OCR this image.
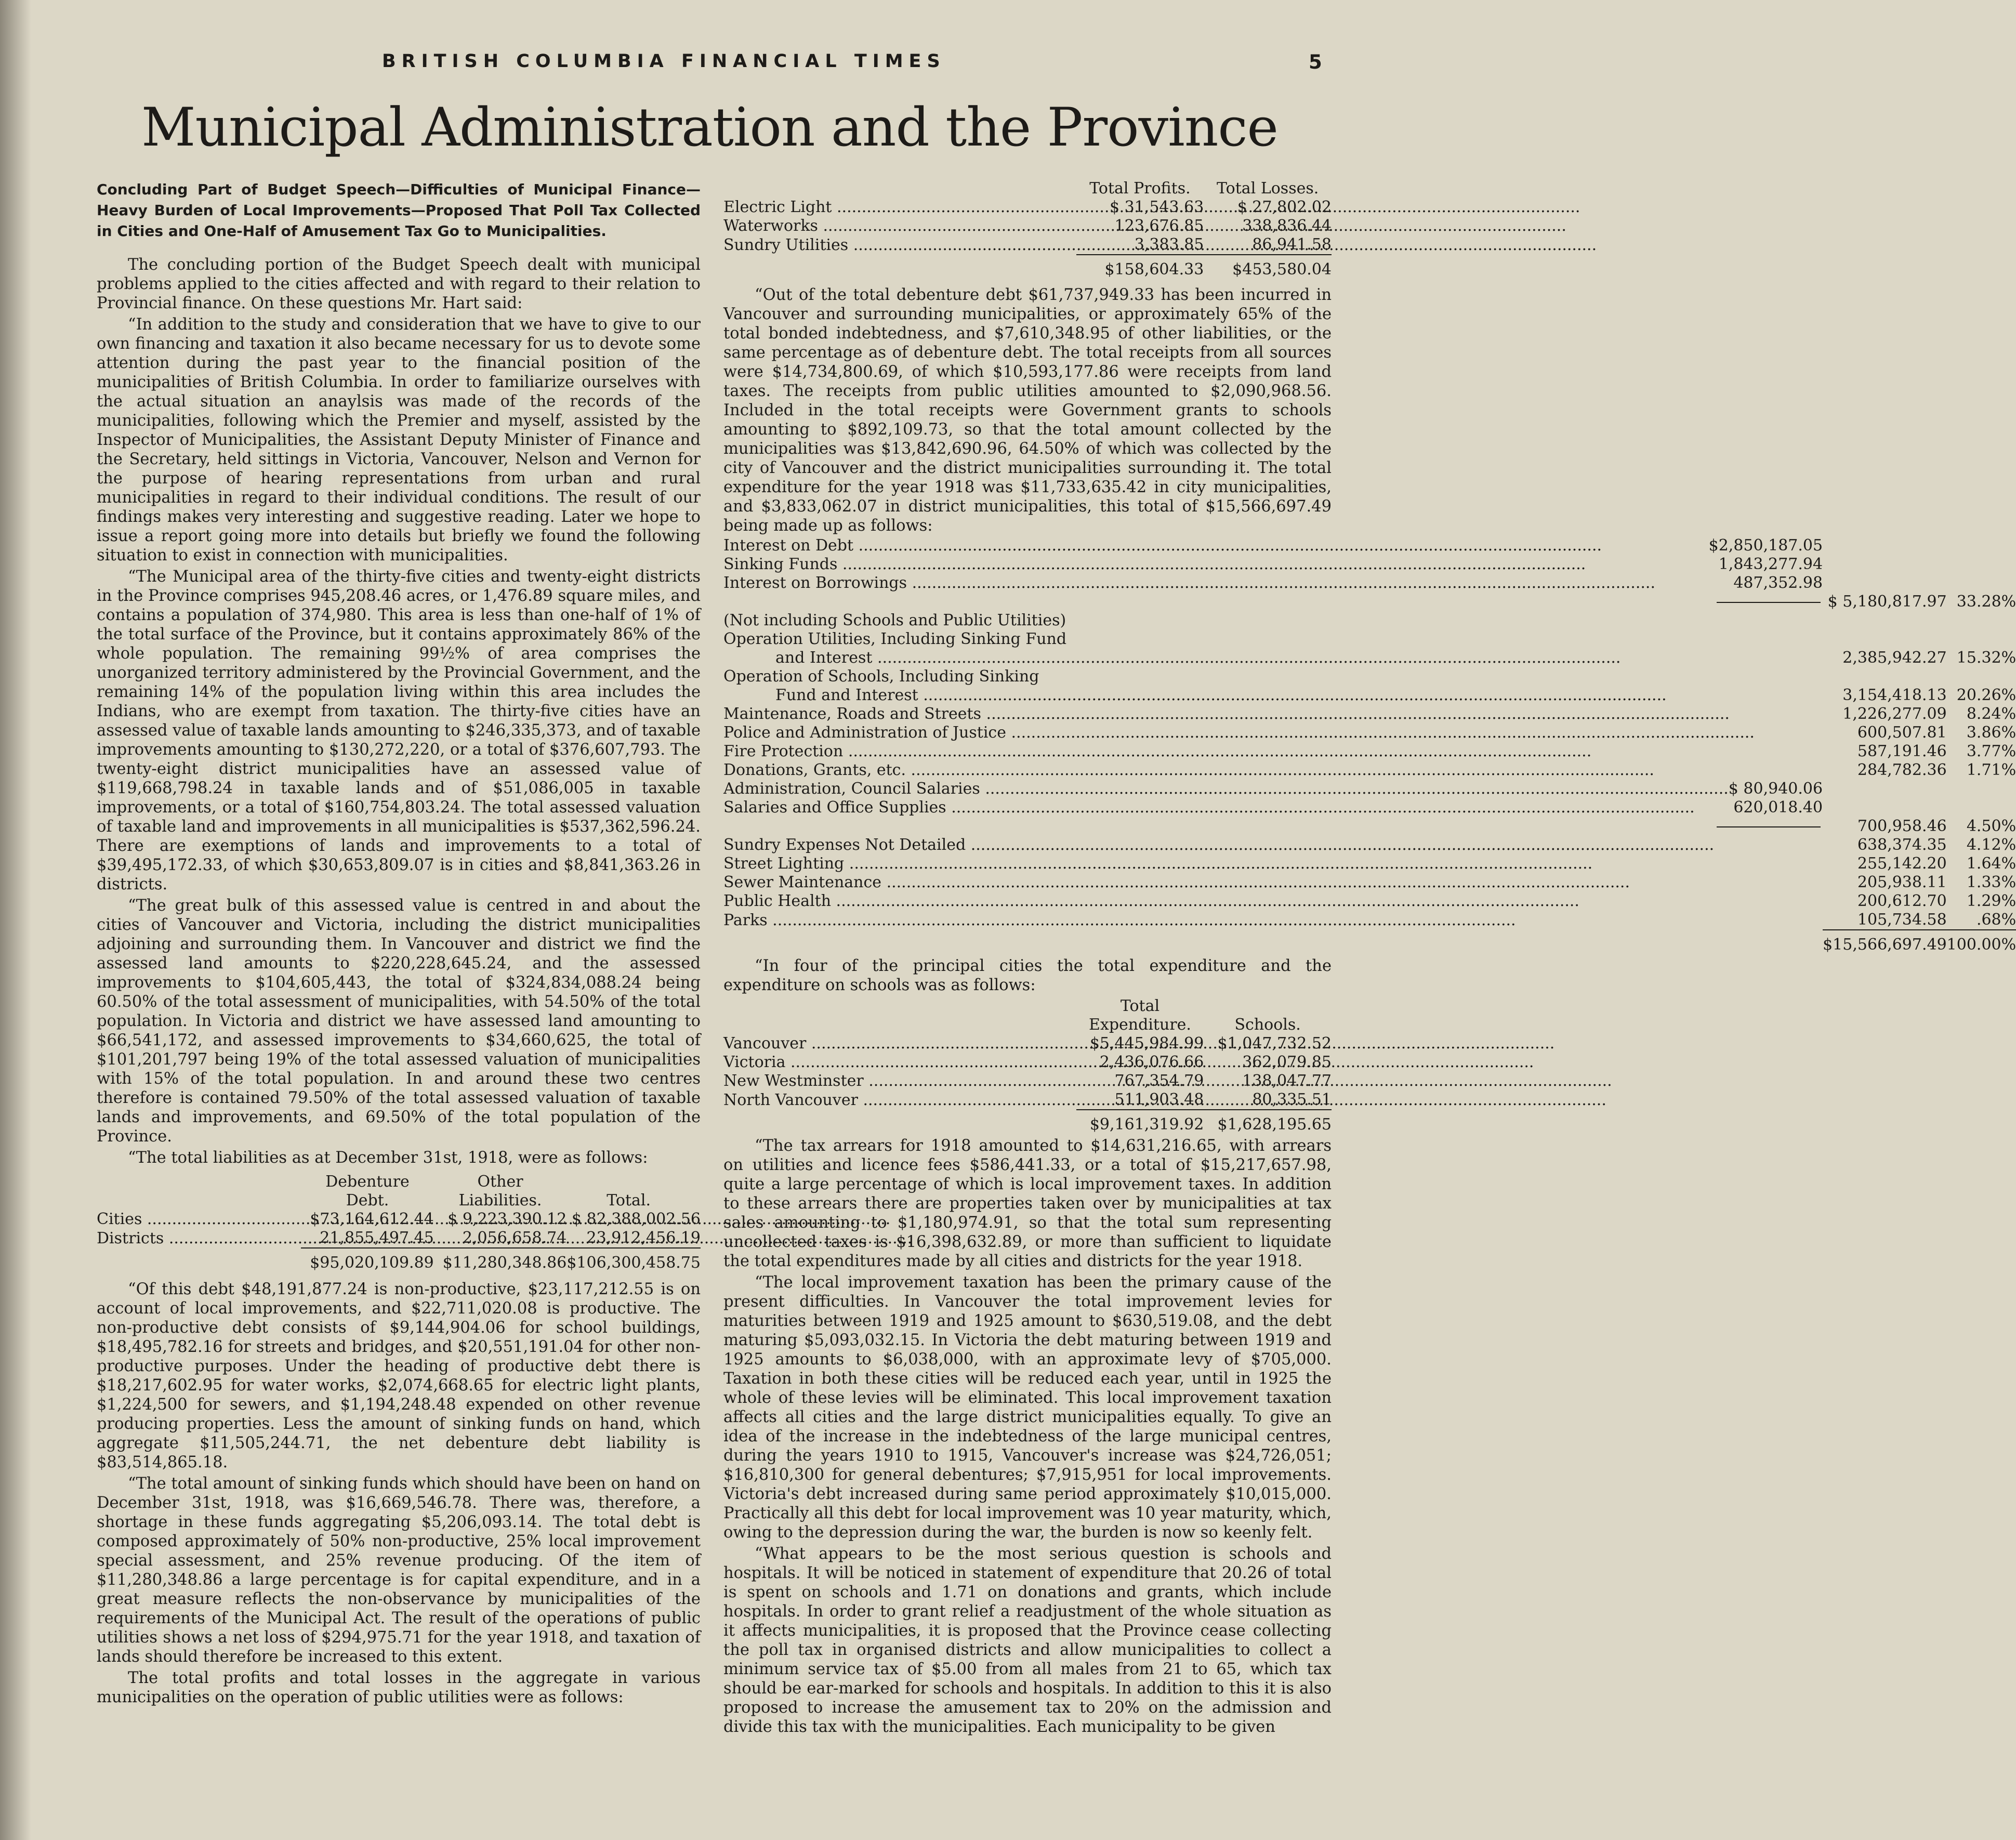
BRITISH COLUMBIA FINANCIAL TIMES	5
Municipal Administration and the Province
Concluding Part of Budget Speech—Difficulties of Municipal Finance—Heavy Burden of Local Improvements—Proposed That Poll Tax Collected in Cities and One-Half of Amusement Tax Go to Municipalities.

The concluding portion of the Budget Speech dealt with municipal problems applied to the cities affected and with regard to their relation to Provincial finance. On these questions Mr. Hart said:

“In addition to the study and consideration that we have to give to our own financing and taxation it also became necessary for us to devote some attention during the past year to the financial position of the municipalities of British Columbia. In order to familiarize ourselves with the actual situation an anaylsis was made of the records of the municipalities, following which the Premier and myself, assisted by the Inspector of Municipalities, the Assistant Deputy Minister of Finance and the Secretary, held sittings in Victoria, Vancouver, Nelson and Vernon for the purpose of hearing representations from urban and rural municipalities in regard to their individual conditions. The result of our findings makes very interesting and suggestive reading. Later we hope to issue a report going more into details but briefly we found the following situation to exist in connection with municipalities.

“The Municipal area of the thirty-five cities and twenty-eight districts in the Province comprises 945,208.46 acres, or 1,476.89 square miles, and contains a population of 374,980. This area is less than one-half of 1% of the total surface of the Province, but it contains approximately 86% of the whole population. The remaining 99½% of area comprises the unorganized territory administered by the Provincial Government, and the remaining 14% of the population living within this area includes the Indians, who are exempt from taxation. The thirty-five cities have an assessed value of taxable lands amounting to $246,335,373, and of taxable improvements amounting to $130,272,220, or a total of $376,607,793. The twenty-eight district municipalities have an assessed value of $119,668,798.24 in taxable lands and of $51,086,005 in taxable improvements, or a total of $160,754,803.24. The total assessed valuation of taxable land and improvements in all municipalities is $537,362,596.24. There are exemptions of lands and improvements to a total of $39,495,172.33, of which $30,653,809.07 is in cities and $8,841,363.26 in districts.

“The great bulk of this assessed value is centred in and about the cities of Vancouver and Victoria, including the district municipalities adjoining and surrounding them. In Vancouver and district we find the assessed land amounts to $220,228,645.24, and the assessed improvements to $104,605,443, the total of $324,834,088.24 being 60.50% of the total assessment of municipalities, with 54.50% of the total population. In Victoria and district we have assessed land amounting to $66,541,172, and assessed improvements to $34,660,625, the total of $101,201,797 being 19% of the total assessed valuation of municipalities with 15% of the total population. In and around these two centres therefore is contained 79.50% of the total assessed valuation of taxable lands and improvements, and 69.50% of the total population of the Province.

“The total liabilities as at December 31st, 1918, were as follows:

	Debenture
Debt.	Other
Liabilities.	Total.
Cities .....	$73,164,612.44	$ 9,223,390.12	$ 82,388,002.56
Districts .....	21,855,497.45	2,056,658.74	23,912,456.19
	$95,020,109.89	$11,280,348.86	$106,300,458.75

“Of this debt $48,191,877.24 is non-productive, $23,117,212.55 is on account of local improvements, and $22,711,020.08 is productive. The non-productive debt consists of $9,144,904.06 for school buildings, $18,495,782.16 for streets and bridges, and $20,551,191.04 for other non-productive purposes. Under the heading of productive debt there is $18,217,602.95 for water works, $2,074,668.65 for electric light plants, $1,224,500 for sewers, and $1,194,248.48 expended on other revenue producing properties. Less the amount of sinking funds on hand, which aggregate $11,505,244.71, the net debenture debt liability is $83,514,865.18.

“The total amount of sinking funds which should have been on hand on December 31st, 1918, was $16,669,546.78. There was, therefore, a shortage in these funds aggregating $5,206,093.14. The total debt is composed approximately of 50% non-productive, 25% local improvement special assessment, and 25% revenue producing. Of the item of $11,280,348.86 a large percentage is for capital expenditure, and in a great measure reflects the non-observance by municipalities of the requirements of the Municipal Act. The result of the operations of public utilities shows a net loss of $294,975.71 for the year 1918, and taxation of lands should therefore be increased to this extent.

The total profits and total losses in the aggregate in various municipalities on the operation of public utilities were as follows:

	Total Profits.	Total Losses.
Electric Light .....	$ 31,543.63	$ 27,802.02
Waterworks .....	123,676.85	338,836.44
Sundry Utilities .....	3,383.85	86,941.58
	$158,604.33	$453,580.04

“Out of the total debenture debt $61,737,949.33 has been incurred in Vancouver and surrounding municipalities, or approximately 65% of the total bonded indebtedness, and $7,610,348.95 of other liabilities, or the same percentage as of debenture debt. The total receipts from all sources were $14,734,800.69, of which $10,593,177.86 were receipts from land taxes. The receipts from public utilities amounted to $2,090,968.56. Included in the total receipts were Government grants to schools amounting to $892,109.73, so that the total amount collected by the municipalities was $13,842,690.96, 64.50% of which was collected by the city of Vancouver and the district municipalities surrounding it. The total expenditure for the year 1918 was $11,733,635.42 in city municipalities, and $3,833,062.07 in district municipalities, this total of $15,566,697.49 being made up as follows:

Interest on Debt ..... $2,850,187.05

Sinking Funds ..... 1,843,277.94

Interest on Borrowings ..... 487,352.98

	$ 5,180,817.97	33.28%
(Not including Schools and Public Utilities)		
Operation Utilities, Including Sinking Fund		
and Interest .....	2,385,942.27	15.32%
Operation of Schools, Including Sinking		
Fund and Interest .....	3,154,418.13	20.26%
Maintenance, Roads and Streets .....	1,226,277.09	8.24%
Police and Administration of Justice .....	600,507.81	3.86%
Fire Protection .....	587,191.46	3.77%
Donations, Grants, etc. .....	284,782.36	1.71%

Administration, Council Salaries ..... $ 80,940.06

Salaries and Office Supplies ..... 620,018.40

	700,958.46	4.50%
Sundry Expenses Not Detailed .....	638,374.35	4.12%
Street Lighting .....	255,142.20	1.64%
Sewer Maintenance .....	205,938.11	1.33%
Public Health .....	200,612.70	1.29%
Parks .....	105,734.58	.68%
	$15,566,697.49	100.00%

“In four of the principal cities the total expenditure and the expenditure on schools was as follows:

	Total
Expenditure.	Schools.
Vancouver .....	$5,445,984.99	$1,047,732.52
Victoria .....	2,436,076.66	362,079.85
New Westminster .....	767,354.79	138,047.77
North Vancouver .....	511,903.48	80,335.51
	$9,161,319.92	$1,628,195.65

“The tax arrears for 1918 amounted to $14,631,216.65, with arrears on utilities and licence fees $586,441.33, or a total of $15,217,657.98, quite a large percentage of which is local improvement taxes. In addition to these arrears there are properties taken over by municipalities at tax sales amounting to $1,180,974.91, so that the total sum representing uncollected taxes is $16,398,632.89, or more than sufficient to liquidate the total expenditures made by all cities and districts for the year 1918.

“The local improvement taxation has been the primary cause of the present difficulties. In Vancouver the total improvement levies for maturities between 1919 and 1925 amount to $630,519.08, and the debt maturing $5,093,032.15. In Victoria the debt maturing between 1919 and 1925 amounts to $6,038,000, with an approximate levy of $705,000. Taxation in both these cities will be reduced each year, until in 1925 the whole of these levies will be eliminated. This local improvement taxation affects all cities and the large district municipalities equally. To give an idea of the increase in the indebtedness of the large municipal centres, during the years 1910 to 1915, Vancouver's increase was $24,726,051; $16,810,300 for general debentures; $7,915,951 for local improvements. Victoria's debt increased during same period approximately $10,015,000. Practically all this debt for local improvement was 10 year maturity, which, owing to the depression during the war, the burden is now so keenly felt.

“What appears to be the most serious question is schools and hospitals. It will be noticed in statement of expenditure that 20.26 of total is spent on schools and 1.71 on donations and grants, which include hospitals. In order to grant relief a readjustment of the whole situation as it affects municipalities, it is proposed that the Province cease collecting the poll tax in organised districts and allow municipalities to collect a minimum service tax of $5.00 from all males from 21 to 65, which tax should be ear-marked for schools and hospitals. In addition to this it is also proposed to increase the amusement tax to 20% on the admission and divide this tax with the municipalities. Each municipality to be given
